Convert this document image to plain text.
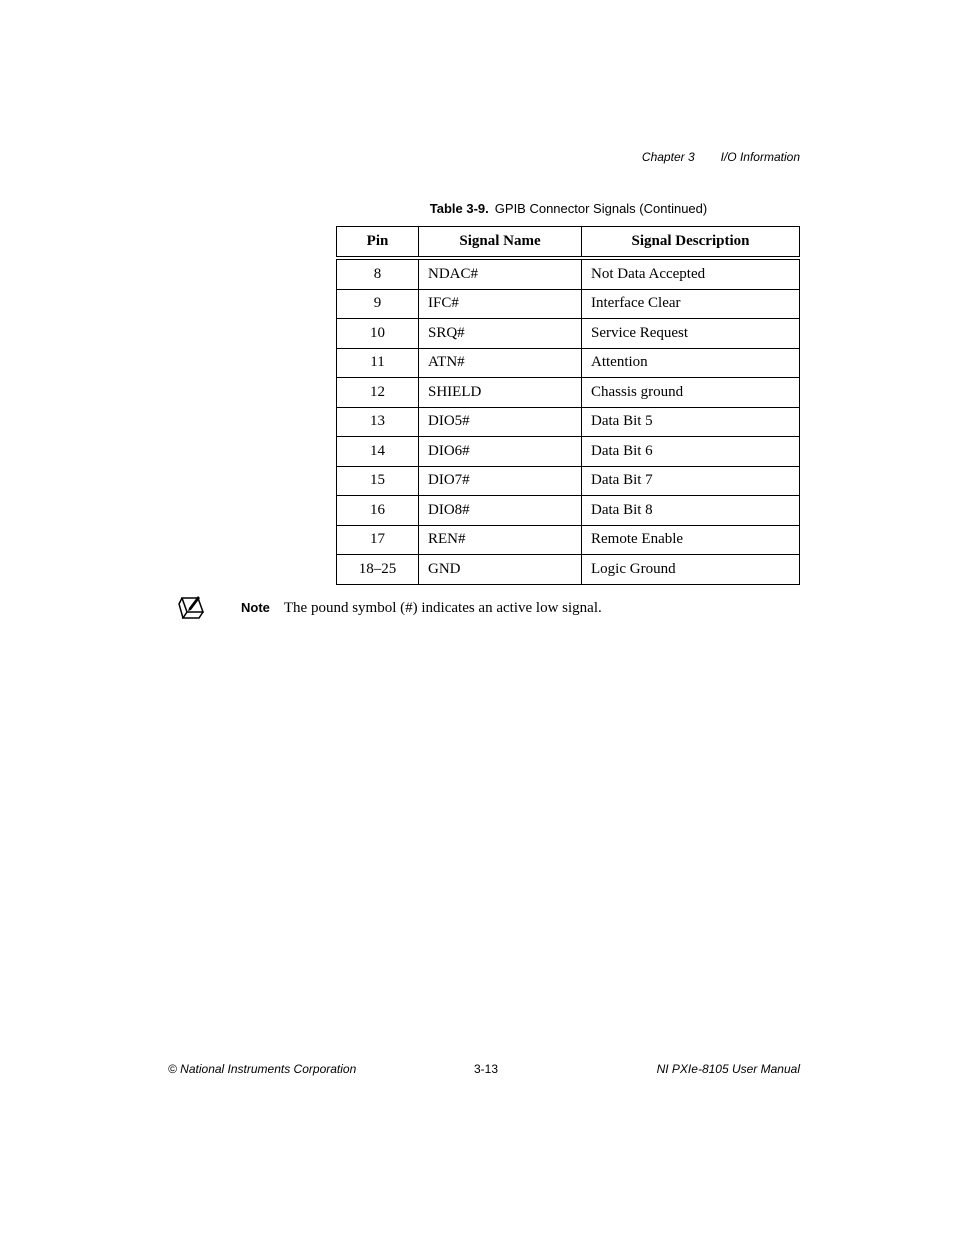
Chapter 3 I/O Information
Table 3-9. GPIB Connector Signals (Continued)
Pin	Signal Name	Signal Description
8	NDAC#	Not Data Accepted
9	IFC#	Interface Clear
10	SRQ#	Service Request
11	ATN#	Attention
12	SHIELD	Chassis ground
13	DIO5#	Data Bit 5
14	DIO6#	Data Bit 6
15	DIO7#	Data Bit 7
16	DIO8#	Data Bit 8
17	REN#	Remote Enable
18–25	GND	Logic Ground
Note The pound symbol (#) indicates an active low signal.
© National Instruments Corporation	3-13	NI PXIe-8105 User Manual
